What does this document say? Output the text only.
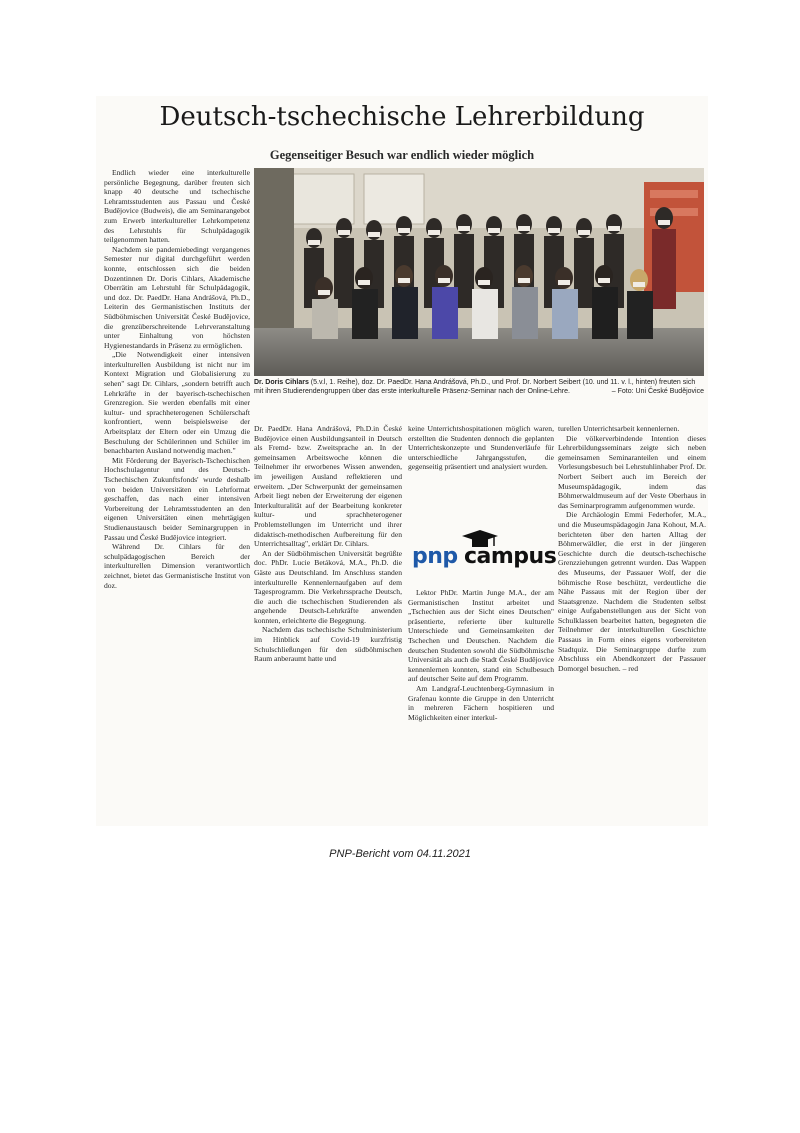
Deutsch-tschechische Lehrerbildung
Gegenseitiger Besuch war endlich wieder möglich

Endlich wieder eine interkulturelle persönliche Begegnung, darüber freuten sich knapp 40 deutsche und tschechische Lehramtsstudenten aus Passau und České Budějovice (Budweis), die am Seminarangebot zum Erwerb interkultureller Lehrkompetenz des Lehrstuhls für Schulpädagogik teilgenommen hatten.

Nachdem sie pandemiebedingt vergangenes Semester nur digital durchgeführt werden konnte, entschlossen sich die beiden Dozentinnen Dr. Doris Cihlars, Akademische Oberrätin am Lehrstuhl für Schulpädagogik, und doz. Dr. PaedDr. Hana Andrášová, Ph.D., Leiterin des Germanistischen Instituts der Südböhmischen Universität České Budějovice, die grenzüberschreitende Lehrveranstaltung unter Einhaltung von höchsten Hygienestandards in Präsenz zu ermöglichen.

„Die Notwendigkeit einer intensiven interkulturellen Ausbildung ist nicht nur im Kontext Migration und Globalisierung zu sehen" sagt Dr. Cihlars, „sondern betrifft auch Lehrkräfte in der bayerisch-tschechischen Grenzregion. Sie werden ebenfalls mit einer kultur- und sprachheterogenen Schülerschaft konfrontiert, wenn beispielsweise der Arbeitsplatz der Eltern oder ein Umzug die Beschulung der Schülerinnen und Schüler im benachbarten Ausland notwendig machen."

Mit Förderung der Bayerisch-Tschechischen Hochschulagentur und des Deutsch-Tschechischen Zukunftsfonds' wurde deshalb von beiden Universitäten ein Lehrformat geschaffen, das nach einer intensiven Vorbereitung der Lehramtsstudenten an den eigenen Universitäten einen mehrtägigen Studienaustausch beider Seminargruppen in Passau und České Budějovice integriert.

Während Dr. Cihlars für den schulpädagogischen Bereich der interkulturellen Dimension verantwortlich zeichnet, bietet das Germanistische Institut von doz.

Dr. Doris Cihlars (5.v.l, 1. Reihe), doz. Dr. PaedDr. Hana Andrášová, Ph.D., und Prof. Dr. Norbert Seibert (10. und 11. v. l., hinten) freuten sich mit ihren Studierendengruppen über das erste interkulturelle Präsenz-Seminar nach der Online-Lehre.	– Foto: Uni České Budějovice

Dr. PaedDr. Hana Andrášová, Ph.D.in České Budějovice einen Ausbildungsanteil in Deutsch als Fremd- bzw. Zweitsprache an. In der gemeinsamen Arbeitswoche können die Teilnehmer ihr erworbenes Wissen anwenden, im jeweiligen Ausland reflektieren und erweitern. „Der Schwerpunkt der gemeinsamen Arbeit liegt neben der Erweiterung der eigenen Interkulturalität auf der Bearbeitung konkreter kultur- und sprachheterogener Problemstellungen im Unterricht und ihrer didaktisch-methodischen Aufbereitung für den Unterrichtsalltag", erklärt Dr. Cihlars.

An der Südböhmischen Universität begrüßte doc. PhDr. Lucie Betáková, M.A., Ph.D. die Gäste aus Deutschland. Im Anschluss standen interkulturelle Kennenlernaufgaben auf dem Tagesprogramm. Die Verkehrssprache Deutsch, die auch die tschechischen Studierenden als angehende Deutsch-Lehrkräfte anwenden konnten, erleichterte die Begegnung.

Nachdem das tschechische Schulministerium im Hinblick auf Covid-19 kurzfristig Schulschließungen für den südböhmischen Raum anberaumt hatte und

keine Unterrichtshospitationen möglich waren, erstellten die Studenten dennoch die geplanten Unterrichtskonzepte und Stundenverläufe für unterschiedliche Jahrgangsstufen, die gegenseitig präsentiert und analysiert wurden.

Lektor PhDr. Martin Junge M.A., der am Germanistischen Institut arbeitet und „Tschechien aus der Sicht eines Deutschen" präsentierte, referierte über kulturelle Unterschiede und Gemeinsamkeiten der Tschechen und Deutschen. Nachdem die deutschen Studenten sowohl die Südböhmische Universität als auch die Stadt České Budějovice kennenlernen konnten, stand ein Schulbesuch auf deutscher Seite auf dem Programm.

Am Landgraf-Leuchtenberg-Gymnasium in Grafenau konnte die Gruppe in den Unterricht in mehreren Fächern hospitieren und Möglichkeiten einer interkul-

pnp campus

turellen Unterrichtsarbeit kennenlernen.

Die völkerverbindende Intention dieses Lehrerbildungsseminars zeigte sich neben gemeinsamen Seminaranteilen und einem Vorlesungsbesuch bei Lehrstuhlinhaber Prof. Dr. Norbert Seibert auch im Bereich der Museumspädagogik, indem das Böhmerwaldmuseum auf der Veste Oberhaus in das Seminarprogramm aufgenommen wurde.

Die Archäologin Emmi Federhofer, M.A., und die Museumspädagogin Jana Kohout, M.A. berichteten über den harten Alltag der Böhmerwäldler, die erst in der jüngeren Geschichte durch die deutsch-tschechische Grenzziehungen getrennt wurden. Das Wappen des Museums, der Passauer Wolf, der die böhmische Rose beschützt, verdeutliche die Nähe Passaus mit der Region über der Staatsgrenze. Nachdem die Studenten selbst einige Aufgabenstellungen aus der Sicht von Schulklassen bearbeitet hatten, begegneten die Teilnehmer der interkulturellen Geschichte Passaus in Form eines eigens vorbereiteten Stadtquiz. Die Seminargruppe durfte zum Abschluss ein Abendkonzert der Passauer Domorgel besuchen. – red

PNP-Bericht vom 04.11.2021
